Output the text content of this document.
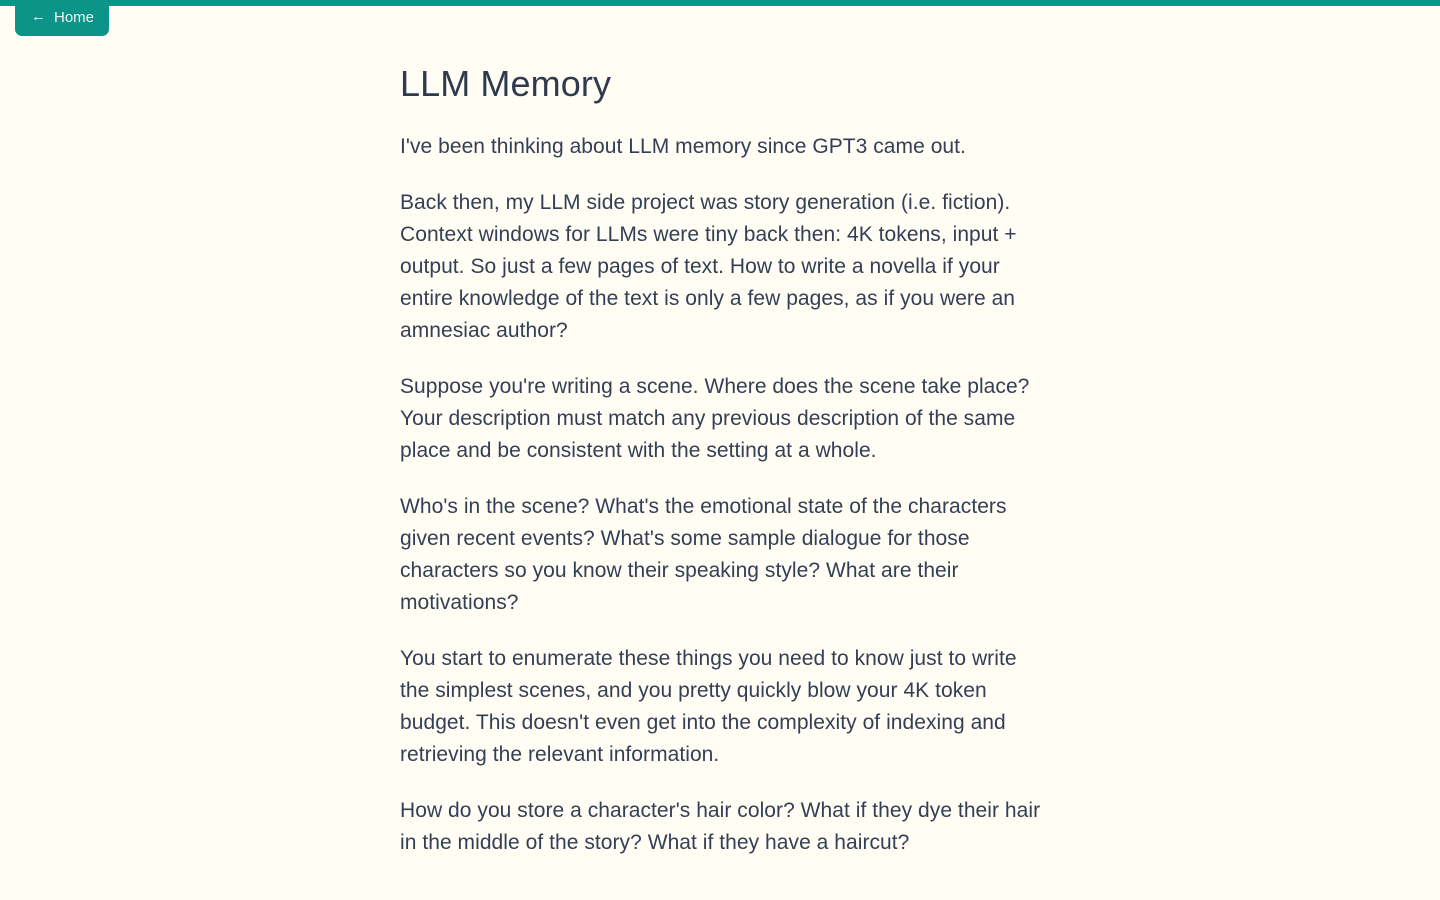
← Home
LLM Memory

I've been thinking about LLM memory since GPT3 came out.

Back then, my LLM side project was story generation (i.e. fiction). Context windows for LLMs were tiny back then: 4K tokens, input + output. So just a few pages of text. How to write a novella if your entire knowledge of the text is only a few pages, as if you were an amnesiac author?

Suppose you're writing a scene. Where does the scene take place? Your description must match any previous description of the same place and be consistent with the setting at a whole.

Who's in the scene? What's the emotional state of the characters given recent events? What's some sample dialogue for those characters so you know their speaking style? What are their motivations?

You start to enumerate these things you need to know just to write the simplest scenes, and you pretty quickly blow your 4K token budget. This doesn't even get into the complexity of indexing and retrieving the relevant information.

How do you store a character's hair color? What if they dye their hair in the middle of the story? What if they have a haircut?
